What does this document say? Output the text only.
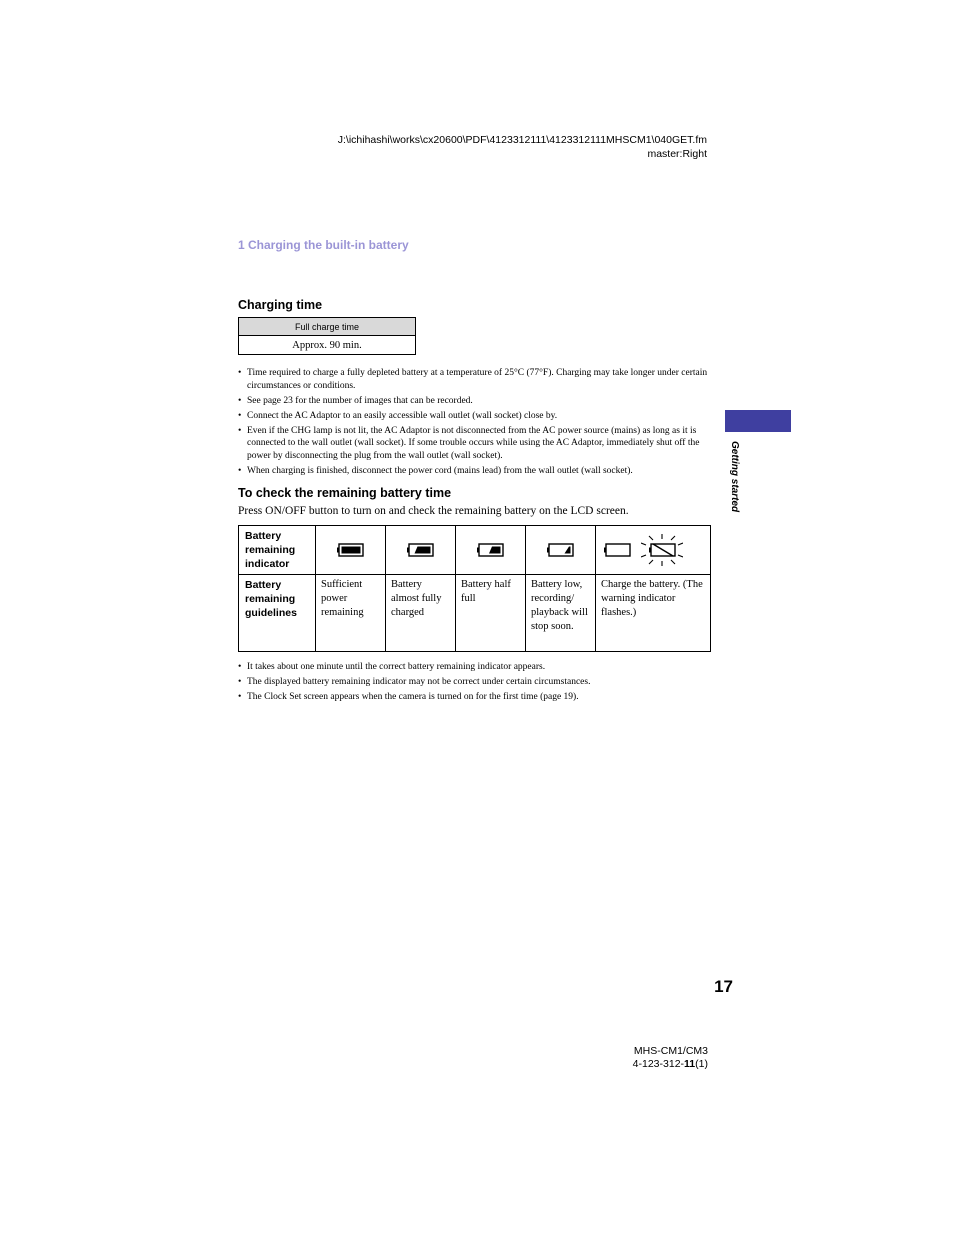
J:\ichihashi\works\cx20600\PDF\4123312111\4123312111MHSCM1\040GET.fm
master:Right
1 Charging the built-in battery
Getting started
Charging time
Full charge time
Approx. 90 min.
• Time required to charge a fully depleted battery at a temperature of 25°C (77°F). Charging may take longer under certain circumstances or conditions.
• See page 23 for the number of images that can be recorded.
• Connect the AC Adaptor to an easily accessible wall outlet (wall socket) close by.
• Even if the CHG lamp is not lit, the AC Adaptor is not disconnected from the AC power source (mains) as long as it is connected to the wall outlet (wall socket). If some trouble occurs while using the AC Adaptor, immediately shut off the power by disconnecting the plug from the wall outlet (wall socket).
• When charging is finished, disconnect the power cord (mains lead) from the wall outlet (wall socket).
To check the remaining battery time
Press ON/OFF button to turn on and check the remaining battery on the LCD screen.
Battery remaining indicator					
Battery remaining guidelines	Sufficient power remaining	Battery almost fully charged	Battery half full	Battery low, recording/ playback will stop soon.	Charge the battery. (The warning indicator flashes.)
• It takes about one minute until the correct battery remaining indicator appears.
• The displayed battery remaining indicator may not be correct under certain circumstances.
• The Clock Set screen appears when the camera is turned on for the first time (page 19).
17
MHS-CM1/CM3
4-123-312-11(1)
